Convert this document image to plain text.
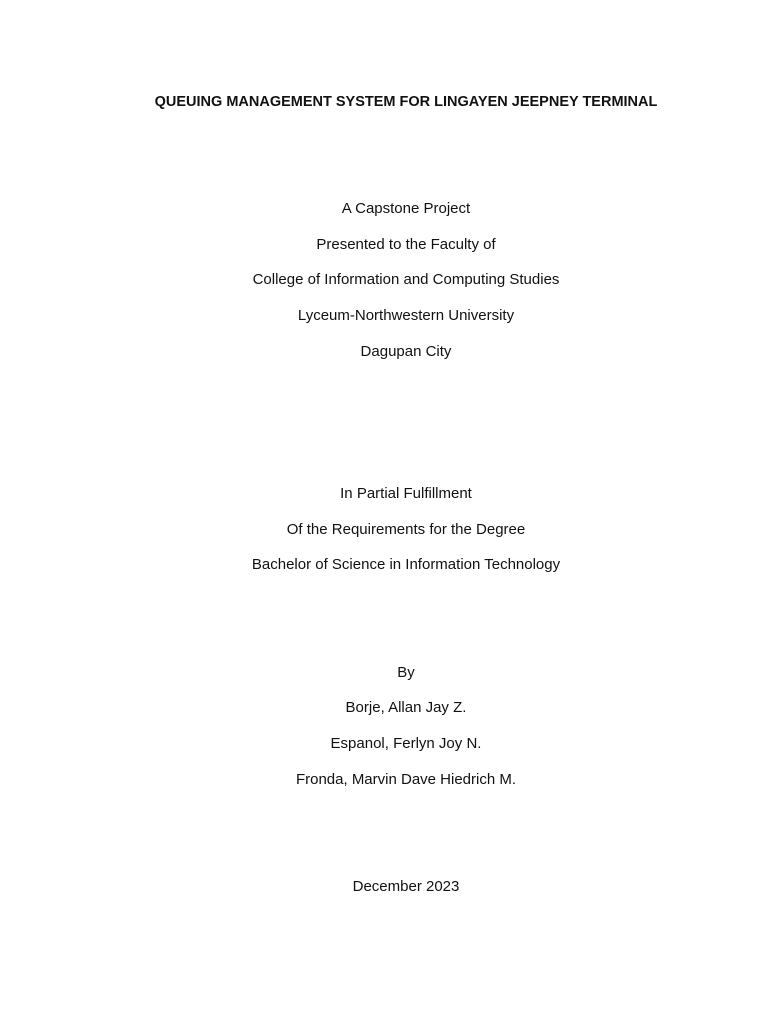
QUEUING MANAGEMENT SYSTEM FOR LINGAYEN JEEPNEY TERMINAL

A Capstone Project

Presented to the Faculty of

College of Information and Computing Studies

Lyceum-Northwestern University

Dagupan City

In Partial Fulfillment

Of the Requirements for the Degree

Bachelor of Science in Information Technology

By

Borje, Allan Jay Z.

Espanol, Ferlyn Joy N.

Fronda, Marvin Dave Hiedrich M.

December 2023
